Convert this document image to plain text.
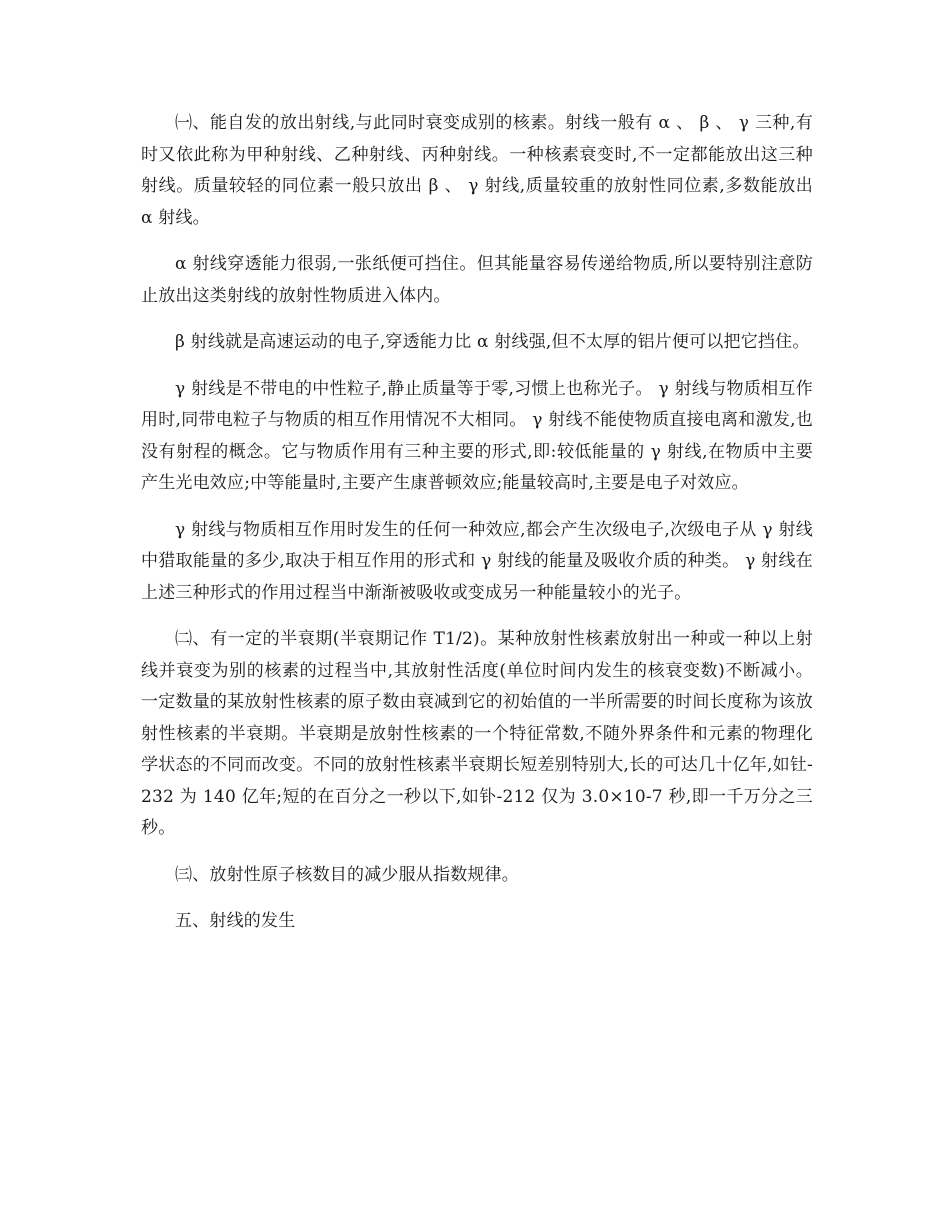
㈠、能自发的放出射线,与此同时衰变成别的核素。射线一般有 α 、 β 、 γ 三种,有时又依此称为甲种射线、乙种射线、丙种射线。一种核素衰变时,不一定都能放出这三种射线。质量较轻的同位素一般只放出 β 、 γ 射线,质量较重的放射性同位素,多数能放出 α 射线。

α 射线穿透能力很弱,一张纸便可挡住。但其能量容易传递给物质,所以要特别注意防止放出这类射线的放射性物质进入体内。

β 射线就是高速运动的电子,穿透能力比 α 射线强,但不太厚的铝片便可以把它挡住。

γ 射线是不带电的中性粒子,静止质量等于零,习惯上也称光子。 γ 射线与物质相互作用时,同带电粒子与物质的相互作用情况不大相同。 γ 射线不能使物质直接电离和激发,也没有射程的概念。它与物质作用有三种主要的形式,即:较低能量的 γ 射线,在物质中主要产生光电效应;中等能量时,主要产生康普顿效应;能量较高时,主要是电子对效应。

γ 射线与物质相互作用时发生的任何一种效应,都会产生次级电子,次级电子从 γ 射线中猎取能量的多少,取决于相互作用的形式和 γ 射线的能量及吸收介质的种类。 γ 射线在上述三种形式的作用过程当中渐渐被吸收或变成另一种能量较小的光子。

㈡、有一定的半衰期(半衰期记作 T1/2)。某种放射性核素放射出一种或一种以上射线并衰变为别的核素的过程当中,其放射性活度(单位时间内发生的核衰变数)不断减小。一定数量的某放射性核素的原子数由衰减到它的初始值的一半所需要的时间长度称为该放射性核素的半衰期。半衰期是放射性核素的一个特征常数,不随外界条件和元素的物理化学状态的不同而改变。不同的放射性核素半衰期长短差别特别大,长的可达几十亿年,如钍-232 为 140 亿年;短的在百分之一秒以下,如钋-212 仅为 3.0×10-7 秒,即一千万分之三秒。

㈢、放射性原子核数目的减少服从指数规律。

五、射线的发生
